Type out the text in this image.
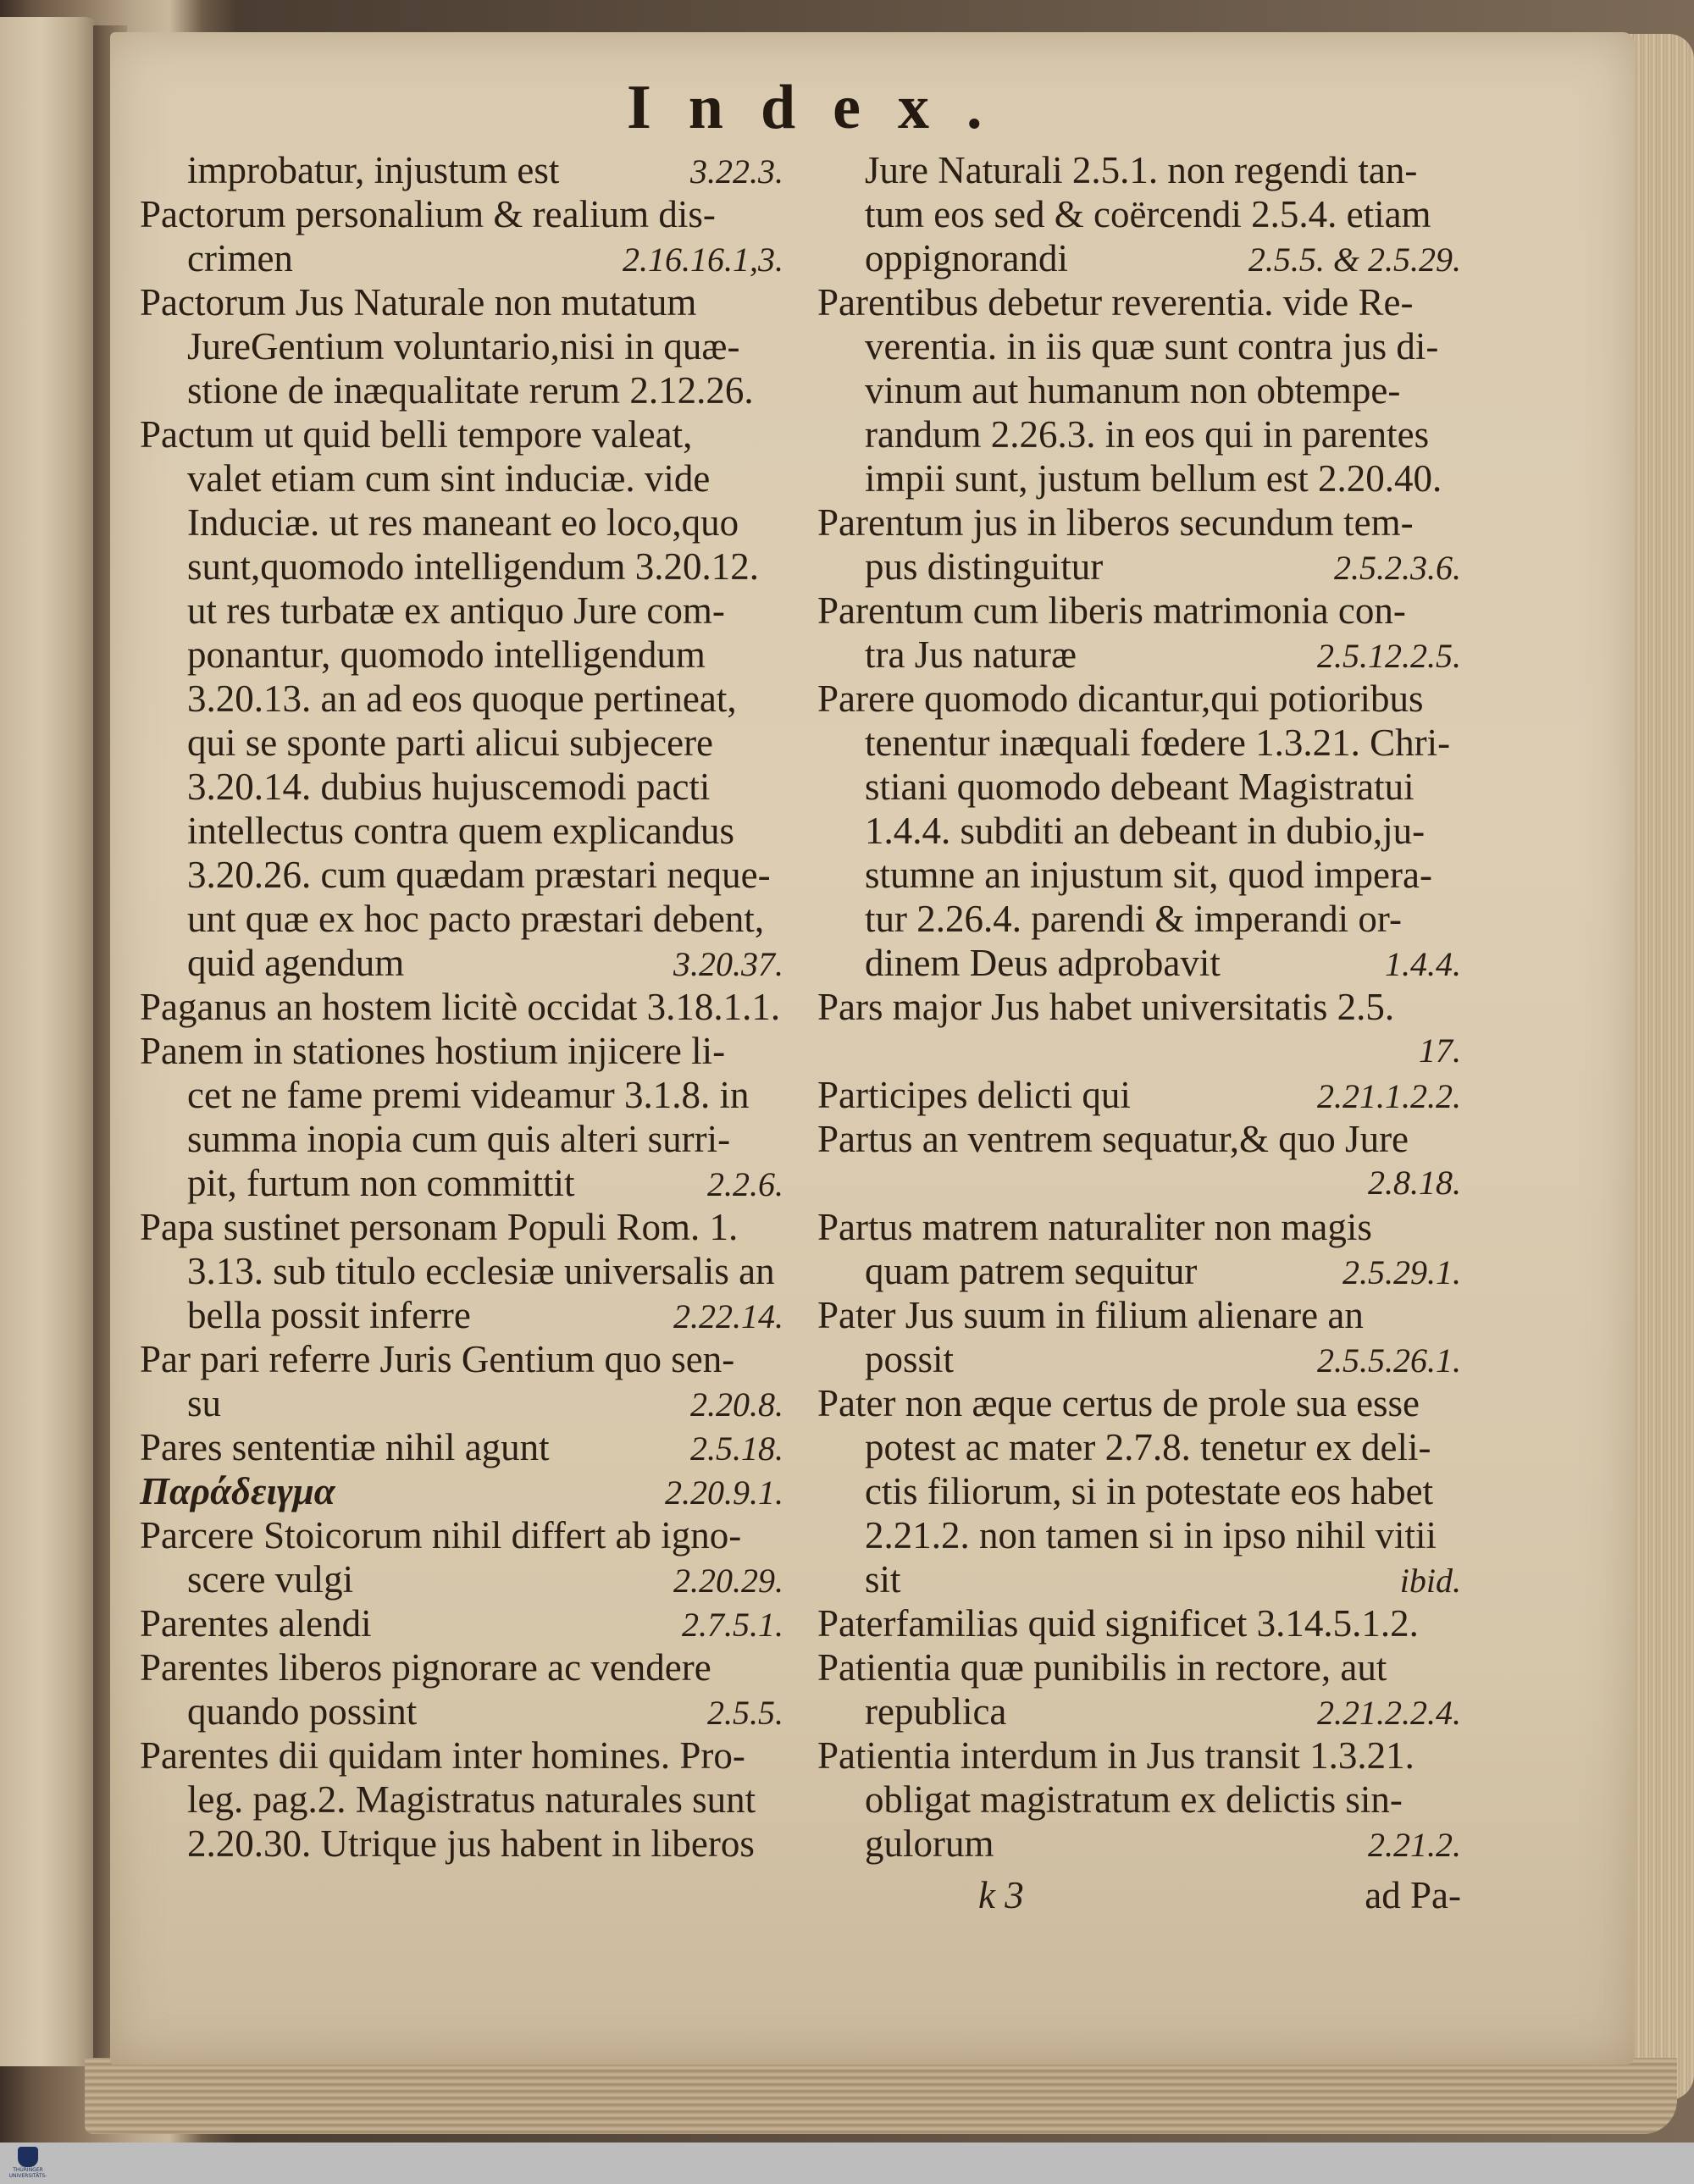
Index.
improbatur, injustum est	3.22.3.
Pactorum personalium & realium dis-
crimen	2.16.16.1,3.
Pactorum Jus Naturale non mutatum
JureGentium voluntario,nisi in quæ-
stione de inæqualitate rerum 2.12.26.
Pactum ut quid belli tempore valeat,
valet etiam cum sint induciæ. vide
Induciæ. ut res maneant eo loco,quo
sunt,quomodo intelligendum 3.20.12.
ut res turbatæ ex antiquo Jure com-
ponantur, quomodo intelligendum
3.20.13. an ad eos quoque pertineat,
qui se sponte parti alicui subjecere
3.20.14. dubius hujuscemodi pacti
intellectus contra quem explicandus
3.20.26. cum quædam præstari neque-
unt quæ ex hoc pacto præstari debent,
quid agendum	3.20.37.
Paganus an hostem licitè occidat 3.18.1.1.
Panem in stationes hostium injicere li-
cet ne fame premi videamur 3.1.8. in
summa inopia cum quis alteri surri-
pit, furtum non committit	2.2.6.
Papa sustinet personam Populi Rom. 1.
3.13. sub titulo ecclesiæ universalis an
bella possit inferre	2.22.14.
Par pari referre Juris Gentium quo sen-
su	2.20.8.
Pares sententiæ nihil agunt	2.5.18.
Παράδειγμα	2.20.9.1.
Parcere Stoicorum nihil differt ab igno-
scere vulgi	2.20.29.
Parentes alendi	2.7.5.1.
Parentes liberos pignorare ac vendere
quando possint	2.5.5.
Parentes dii quidam inter homines. Pro-
leg. pag.2. Magistratus naturales sunt
2.20.30. Utrique jus habent in liberos
Jure Naturali 2.5.1. non regendi tan-
tum eos sed & coërcendi 2.5.4. etiam
oppignorandi	2.5.5. & 2.5.29.
Parentibus debetur reverentia. vide Re-
verentia. in iis quæ sunt contra jus di-
vinum aut humanum non obtempe-
randum 2.26.3. in eos qui in parentes
impii sunt, justum bellum est 2.20.40.
Parentum jus in liberos secundum tem-
pus distinguitur	2.5.2.3.6.
Parentum cum liberis matrimonia con-
tra Jus naturæ	2.5.12.2.5.
Parere quomodo dicantur,qui potioribus
tenentur inæquali fœdere 1.3.21. Chri-
stiani quomodo debeant Magistratui
1.4.4. subditi an debeant in dubio,ju-
stumne an injustum sit, quod impera-
tur 2.26.4. parendi & imperandi or-
dinem Deus adprobavit	1.4.4.
Pars major Jus habet universitatis 2.5.
17.
Participes delicti qui	2.21.1.2.2.
Partus an ventrem sequatur,& quo Jure
2.8.18.
Partus matrem naturaliter non magis
quam patrem sequitur	2.5.29.1.
Pater Jus suum in filium alienare an
possit	2.5.5.26.1.
Pater non æque certus de prole sua esse
potest ac mater 2.7.8. tenetur ex deli-
ctis filiorum, si in potestate eos habet
2.21.2. non tamen si in ipso nihil vitii
sit	ibid.
Paterfamilias quid significet 3.14.5.1.2.
Patientia quæ punibilis in rectore, aut
republica	2.21.2.2.4.
Patientia interdum in Jus transit 1.3.21.
obligat magistratum ex delictis sin-
gulorum	2.21.2.
k 3	ad Pa-
THÜRINGER UNIVERSITÄTS-
